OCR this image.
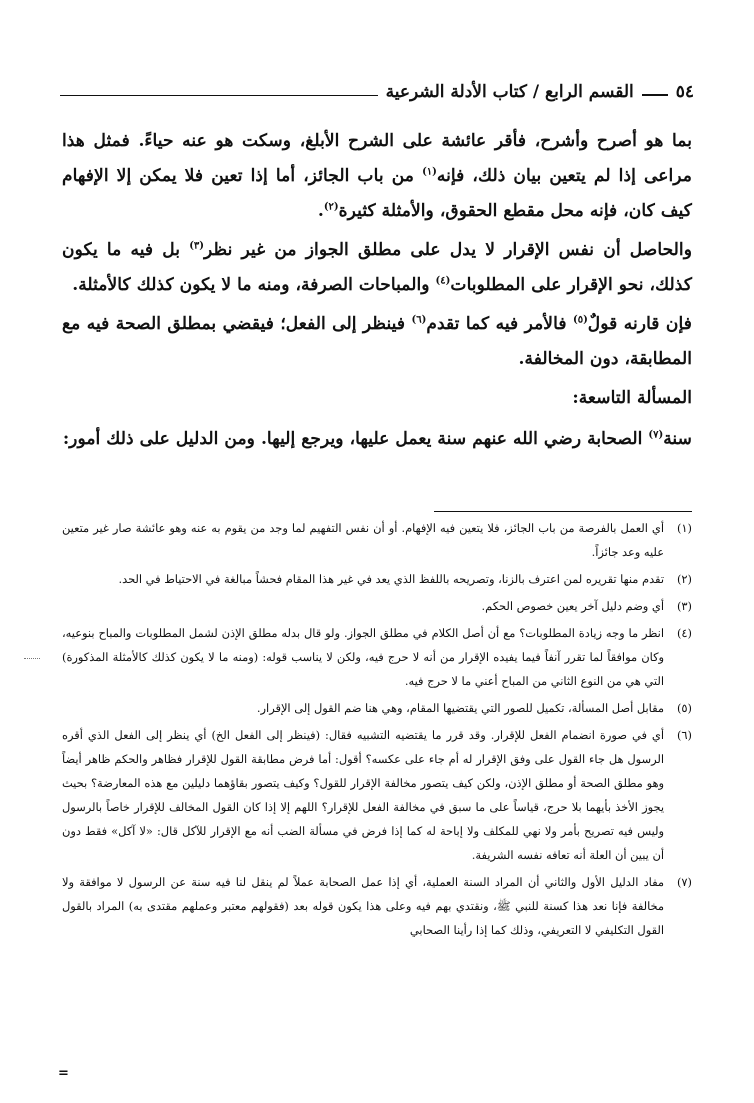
٥٤
القسم الرابع / كتاب الأدلة الشرعية

بما هو أصرح وأشرح، فأقر عائشة على الشرح الأبلغ، وسكت هو عنه حياءً. فمثل هذا مراعى إذا لم يتعين بيان ذلك، فإنه$^{(١)}$ من باب الجائز، أما إذا تعين فلا يمكن إلا الإفهام كيف كان، فإنه محل مقطع الحقوق، والأمثلة كثيرة$^{(٢)}$.

والحاصل أن نفس الإقرار لا يدل على مطلق الجواز من غير نظر$^{(٣)}$ بل فيه ما يكون كذلك، نحو الإقرار على المطلوبات$^{(٤)}$ والمباحات الصرفة، ومنه ما لا يكون كذلك كالأمثلة.

فإن قارنه قولٌ$^{(٥)}$ فالأمر فيه كما تقدم$^{(٦)}$ فينظر إلى الفعل؛ فيقضي بمطلق الصحة فيه مع المطابقة، دون المخالفة.

المسألة التاسعة:

سنة$^{(٧)}$ الصحابة رضي الله عنهم سنة يعمل عليها، ويرجع إليها. ومن الدليل على ذلك أمور:

(١)
أي العمل بالفرصة من باب الجائز، فلا يتعين فيه الإفهام. أو أن نفس التفهيم لما وجد من يقوم به عنه وهو عائشة صار غير متعين عليه وعد جائزاً.
(٢)
تقدم منها تقريره لمن اعترف بالزنا، وتصريحه باللفظ الذي يعد في غير هذا المقام فحشاً مبالغة في الاحتياط في الحد.
(٣)
أي وضم دليل آخر يعين خصوص الحكم.
(٤)
انظر ما وجه زيادة المطلوبات؟ مع أن أصل الكلام في مطلق الجواز. ولو قال بدله مطلق الإذن لشمل المطلوبات والمباح بنوعيه، وكان موافقاً لما تقرر آنفاً فيما يفيده الإقرار من أنه لا حرج فيه، ولكن لا يناسب قوله: (ومنه ما لا يكون كذلك كالأمثلة المذكورة) التي هي من النوع الثاني من المباح أعني ما لا حرج فيه.
(٥)
مقابل أصل المسألة، تكميل للصور التي يقتضيها المقام، وهي هنا ضم القول إلى الإقرار.
(٦)
أي في صورة انضمام الفعل للإقرار. وقد قرر ما يقتضيه التشبيه فقال: (فينظر إلى الفعل الخ) أي ينظر إلى الفعل الذي أقره الرسول هل جاء القول على وفق الإقرار له أم جاء على عكسه؟ أقول: أما فرض مطابقة القول للإقرار فظاهر والحكم ظاهر أيضاً وهو مطلق الصحة أو مطلق الإذن، ولكن كيف يتصور مخالفة الإقرار للقول؟ وكيف يتصور بقاؤهما دليلين مع هذه المعارضة؟ بحيث يجوز الأخذ بأيهما بلا حرج، قياساً على ما سبق في مخالفة الفعل للإقرار؟ اللهم إلا إذا كان القول المخالف للإقرار خاصاً بالرسول وليس فيه تصريح بأمر ولا نهي للمكلف ولا إباحة له كما إذا فرض في مسألة الضب أنه مع الإقرار للآكل قال: «لا آكل» فقط دون أن يبين أن العلة أنه تعافه نفسه الشريفة.
(٧)
مفاد الدليل الأول والثاني أن المراد السنة العملية، أي إذا عمل الصحابة عملاً لم ينقل لنا فيه سنة عن الرسول لا موافقة ولا مخالفة فإنا نعد هذا كسنة للنبي ﷺ، ونقتدي بهم فيه وعلى هذا يكون قوله بعد (فقولهم معتبر وعملهم مقتدى به) المراد بالقول القول التكليفي لا التعريفي، وذلك كما إذا رأينا الصحابي
=
